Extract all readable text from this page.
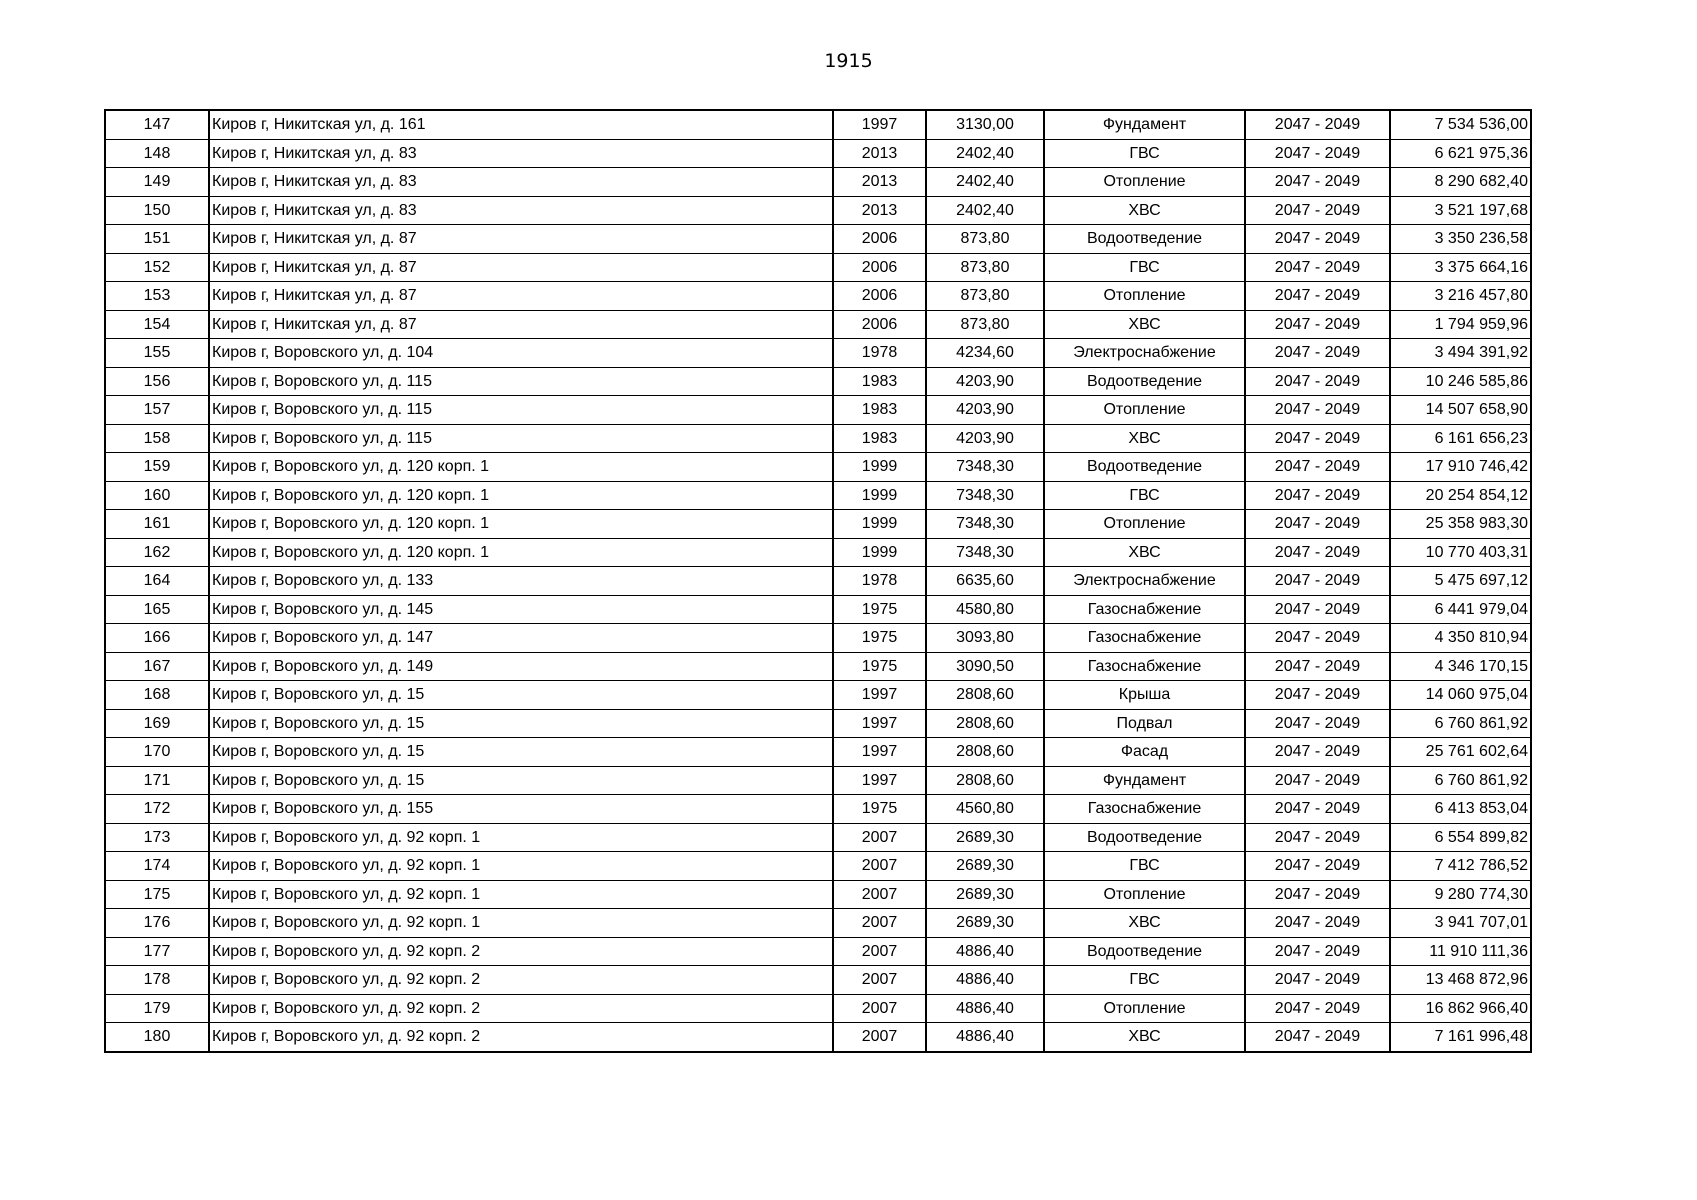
1915
147	Киров г, Никитская ул, д. 161	1997	3130,00	Фундамент	2047 - 2049	7 534 536,00
148	Киров г, Никитская ул, д. 83	2013	2402,40	ГВС	2047 - 2049	6 621 975,36
149	Киров г, Никитская ул, д. 83	2013	2402,40	Отопление	2047 - 2049	8 290 682,40
150	Киров г, Никитская ул, д. 83	2013	2402,40	ХВС	2047 - 2049	3 521 197,68
151	Киров г, Никитская ул, д. 87	2006	873,80	Водоотведение	2047 - 2049	3 350 236,58
152	Киров г, Никитская ул, д. 87	2006	873,80	ГВС	2047 - 2049	3 375 664,16
153	Киров г, Никитская ул, д. 87	2006	873,80	Отопление	2047 - 2049	3 216 457,80
154	Киров г, Никитская ул, д. 87	2006	873,80	ХВС	2047 - 2049	1 794 959,96
155	Киров г, Воровского ул, д. 104	1978	4234,60	Электроснабжение	2047 - 2049	3 494 391,92
156	Киров г, Воровского ул, д. 115	1983	4203,90	Водоотведение	2047 - 2049	10 246 585,86
157	Киров г, Воровского ул, д. 115	1983	4203,90	Отопление	2047 - 2049	14 507 658,90
158	Киров г, Воровского ул, д. 115	1983	4203,90	ХВС	2047 - 2049	6 161 656,23
159	Киров г, Воровского ул, д. 120 корп. 1	1999	7348,30	Водоотведение	2047 - 2049	17 910 746,42
160	Киров г, Воровского ул, д. 120 корп. 1	1999	7348,30	ГВС	2047 - 2049	20 254 854,12
161	Киров г, Воровского ул, д. 120 корп. 1	1999	7348,30	Отопление	2047 - 2049	25 358 983,30
162	Киров г, Воровского ул, д. 120 корп. 1	1999	7348,30	ХВС	2047 - 2049	10 770 403,31
164	Киров г, Воровского ул, д. 133	1978	6635,60	Электроснабжение	2047 - 2049	5 475 697,12
165	Киров г, Воровского ул, д. 145	1975	4580,80	Газоснабжение	2047 - 2049	6 441 979,04
166	Киров г, Воровского ул, д. 147	1975	3093,80	Газоснабжение	2047 - 2049	4 350 810,94
167	Киров г, Воровского ул, д. 149	1975	3090,50	Газоснабжение	2047 - 2049	4 346 170,15
168	Киров г, Воровского ул, д. 15	1997	2808,60	Крыша	2047 - 2049	14 060 975,04
169	Киров г, Воровского ул, д. 15	1997	2808,60	Подвал	2047 - 2049	6 760 861,92
170	Киров г, Воровского ул, д. 15	1997	2808,60	Фасад	2047 - 2049	25 761 602,64
171	Киров г, Воровского ул, д. 15	1997	2808,60	Фундамент	2047 - 2049	6 760 861,92
172	Киров г, Воровского ул, д. 155	1975	4560,80	Газоснабжение	2047 - 2049	6 413 853,04
173	Киров г, Воровского ул, д. 92 корп. 1	2007	2689,30	Водоотведение	2047 - 2049	6 554 899,82
174	Киров г, Воровского ул, д. 92 корп. 1	2007	2689,30	ГВС	2047 - 2049	7 412 786,52
175	Киров г, Воровского ул, д. 92 корп. 1	2007	2689,30	Отопление	2047 - 2049	9 280 774,30
176	Киров г, Воровского ул, д. 92 корп. 1	2007	2689,30	ХВС	2047 - 2049	3 941 707,01
177	Киров г, Воровского ул, д. 92 корп. 2	2007	4886,40	Водоотведение	2047 - 2049	11 910 111,36
178	Киров г, Воровского ул, д. 92 корп. 2	2007	4886,40	ГВС	2047 - 2049	13 468 872,96
179	Киров г, Воровского ул, д. 92 корп. 2	2007	4886,40	Отопление	2047 - 2049	16 862 966,40
180	Киров г, Воровского ул, д. 92 корп. 2	2007	4886,40	ХВС	2047 - 2049	7 161 996,48
